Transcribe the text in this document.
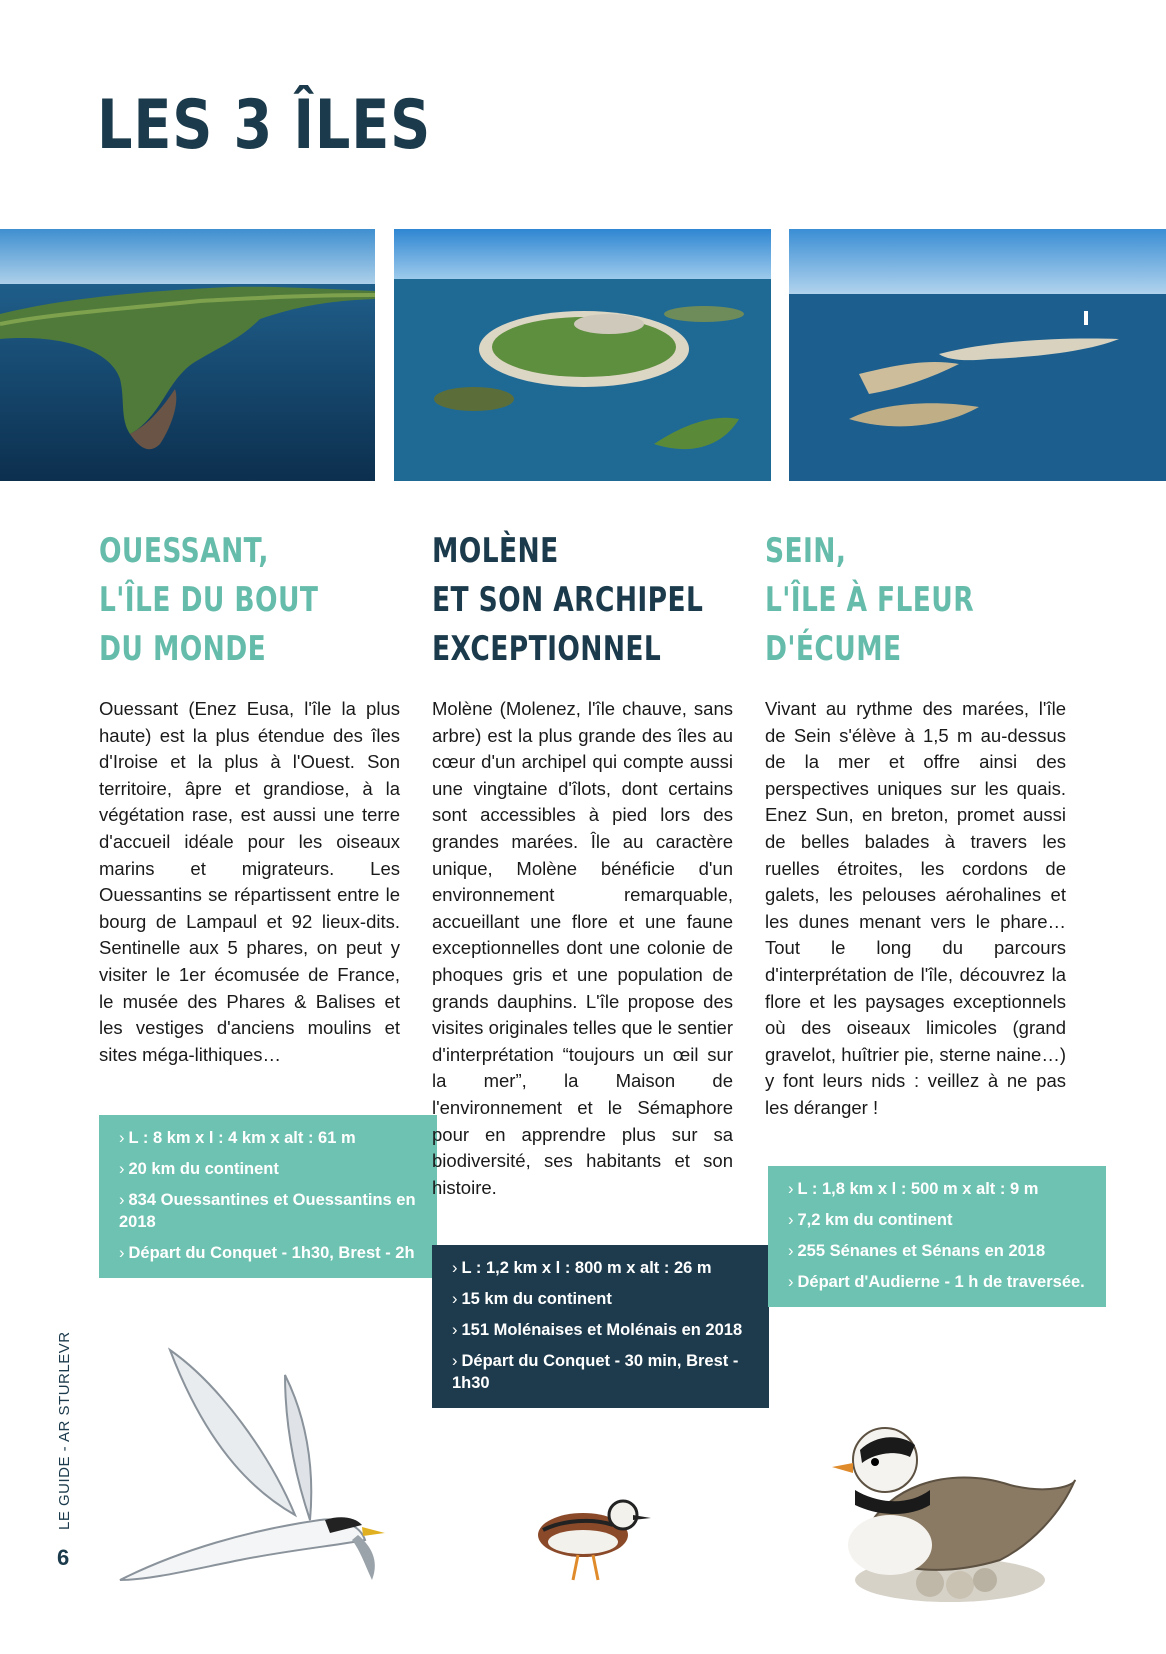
LES 3 ÎLES
OUESSANT,
L'ÎLE DU BOUT
DU MONDE

Ouessant (Enez Eusa, l'île la plus haute) est la plus étendue des îles d'Iroise et la plus à l'Ouest. Son territoire, âpre et grandiose, à la végétation rase, est aussi une terre d'accueil idéale pour les oiseaux marins et migrateurs. Les Ouessantins se répartissent entre le bourg de Lampaul et 92 lieux-dits. Sentinelle aux 5 phares, on peut y visiter le 1er écomusée de France, le musée des Phares & Balises et les vestiges d'anciens moulins et sites méga-lithiques…

› L : 8 km x l : 4 km x alt : 61 m
› 20 km du continent
› 834 Ouessantines et Ouessantins en 2018
› Départ du Conquet - 1h30, Brest - 2h
MOLÈNE
ET SON ARCHIPEL
EXCEPTIONNEL

Molène (Molenez, l'île chauve, sans arbre) est la plus grande des îles au cœur d'un archipel qui compte aussi une vingtaine d'îlots, dont certains sont accessibles à pied lors des grandes marées. Île au caractère unique, Molène bénéficie d'un environnement remarquable, accueillant une flore et une faune exceptionnelles dont une colonie de phoques gris et une population de grands dauphins. L'île propose des visites originales telles que le sentier d'interprétation “toujours un œil sur la mer”, la Maison de l'environnement et le Sémaphore pour en apprendre plus sur sa biodiversité, ses habitants et son histoire.

› L : 1,2 km x l : 800 m x alt : 26 m
› 15 km du continent
› 151 Molénaises et Molénais en 2018
› Départ du Conquet - 30 min, Brest - 1h30
SEIN,
L'ÎLE À FLEUR
D'ÉCUME

Vivant au rythme des marées, l'île de Sein s'élève à 1,5 m au-dessus de la mer et offre ainsi des perspectives uniques sur les quais. Enez Sun, en breton, promet aussi de belles balades à travers les ruelles étroites, les cordons de galets, les pelouses aérohalines et les dunes menant vers le phare… Tout le long du parcours d'interprétation de l'île, découvrez la flore et les paysages exceptionnels où des oiseaux limicoles (grand gravelot, huîtrier pie, sterne naine…) y font leurs nids : veillez à ne pas les déranger !

› L : 1,8 km x l : 500 m x alt : 9 m
› 7,2 km du continent
› 255 Sénanes et Sénans en 2018
› Départ d'Audierne - 1 h de traversée.
LE GUIDE - AR STURLEVR
6
